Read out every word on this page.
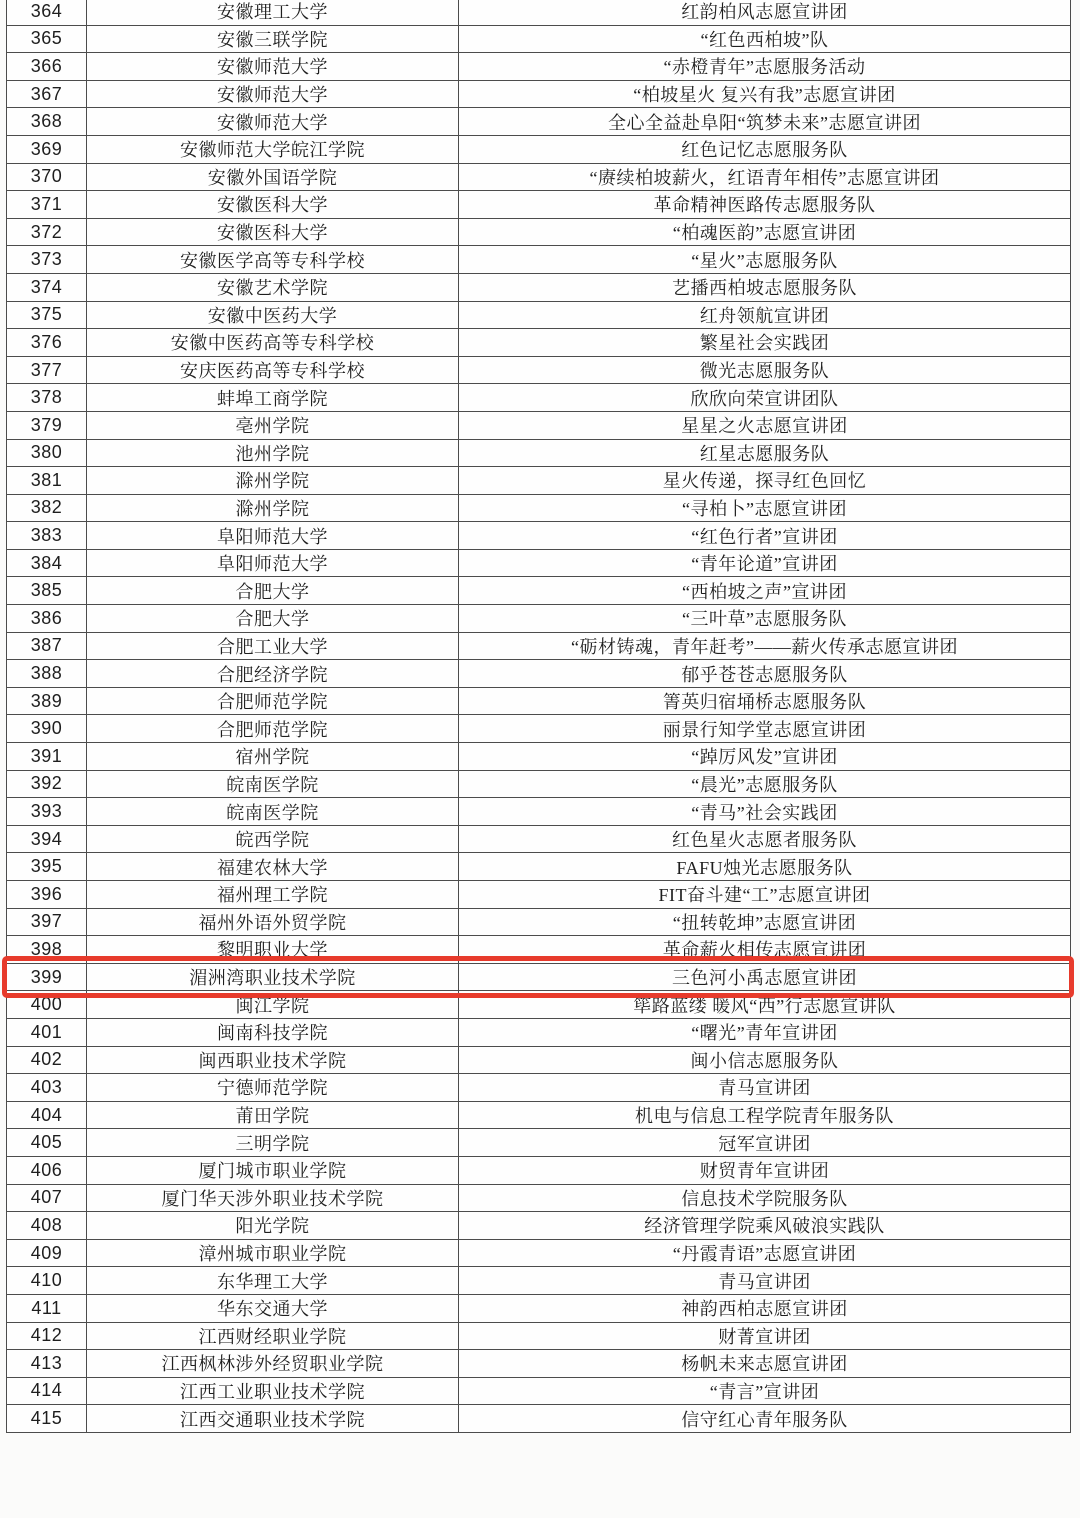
364	安徽理工大学	红韵柏风志愿宣讲团
365	安徽三联学院	“红色西柏坡”队
366	安徽师范大学	“赤橙青年”志愿服务活动
367	安徽师范大学	“柏坡星火 复兴有我”志愿宣讲团
368	安徽师范大学	全心全益赴阜阳“筑梦未来”志愿宣讲团
369	安徽师范大学皖江学院	红色记忆志愿服务队
370	安徽外国语学院	“赓续柏坡薪火，红语青年相传”志愿宣讲团
371	安徽医科大学	革命精神医路传志愿服务队
372	安徽医科大学	“柏魂医韵”志愿宣讲团
373	安徽医学高等专科学校	“星火”志愿服务队
374	安徽艺术学院	艺播西柏坡志愿服务队
375	安徽中医药大学	红舟领航宣讲团
376	安徽中医药高等专科学校	繁星社会实践团
377	安庆医药高等专科学校	微光志愿服务队
378	蚌埠工商学院	欣欣向荣宣讲团队
379	亳州学院	星星之火志愿宣讲团
380	池州学院	红星志愿服务队
381	滁州学院	星火传递，探寻红色回忆
382	滁州学院	“寻柏卜”志愿宣讲团
383	阜阳师范大学	“红色行者”宣讲团
384	阜阳师范大学	“青年论道”宣讲团
385	合肥大学	“西柏坡之声”宣讲团
386	合肥大学	“三叶草”志愿服务队
387	合肥工业大学	“砺材铸魂，青年赶考”——薪火传承志愿宣讲团
388	合肥经济学院	郁乎苍苍志愿服务队
389	合肥师范学院	箐英归宿埇桥志愿服务队
390	合肥师范学院	丽景行知学堂志愿宣讲团
391	宿州学院	“踔厉风发”宣讲团
392	皖南医学院	“晨光”志愿服务队
393	皖南医学院	“青马”社会实践团
394	皖西学院	红色星火志愿者服务队
395	福建农林大学	FAFU烛光志愿服务队
396	福州理工学院	FIT奋斗建“工”志愿宣讲团
397	福州外语外贸学院	“扭转乾坤”志愿宣讲团
398	黎明职业大学	革命薪火相传志愿宣讲团
399	湄洲湾职业技术学院	三色河小禹志愿宣讲团
400	闽江学院	筚路蓝缕 暖风“西”行志愿宣讲队
401	闽南科技学院	“曙光”青年宣讲团
402	闽西职业技术学院	闽小信志愿服务队
403	宁德师范学院	青马宣讲团
404	莆田学院	机电与信息工程学院青年服务队
405	三明学院	冠军宣讲团
406	厦门城市职业学院	财贸青年宣讲团
407	厦门华天涉外职业技术学院	信息技术学院服务队
408	阳光学院	经济管理学院乘风破浪实践队
409	漳州城市职业学院	“丹霞青语”志愿宣讲团
410	东华理工大学	青马宣讲团
411	华东交通大学	神韵西柏志愿宣讲团
412	江西财经职业学院	财菁宣讲团
413	江西枫林涉外经贸职业学院	杨帆未来志愿宣讲团
414	江西工业职业技术学院	“青言”宣讲团
415	江西交通职业技术学院	信守红心青年服务队
